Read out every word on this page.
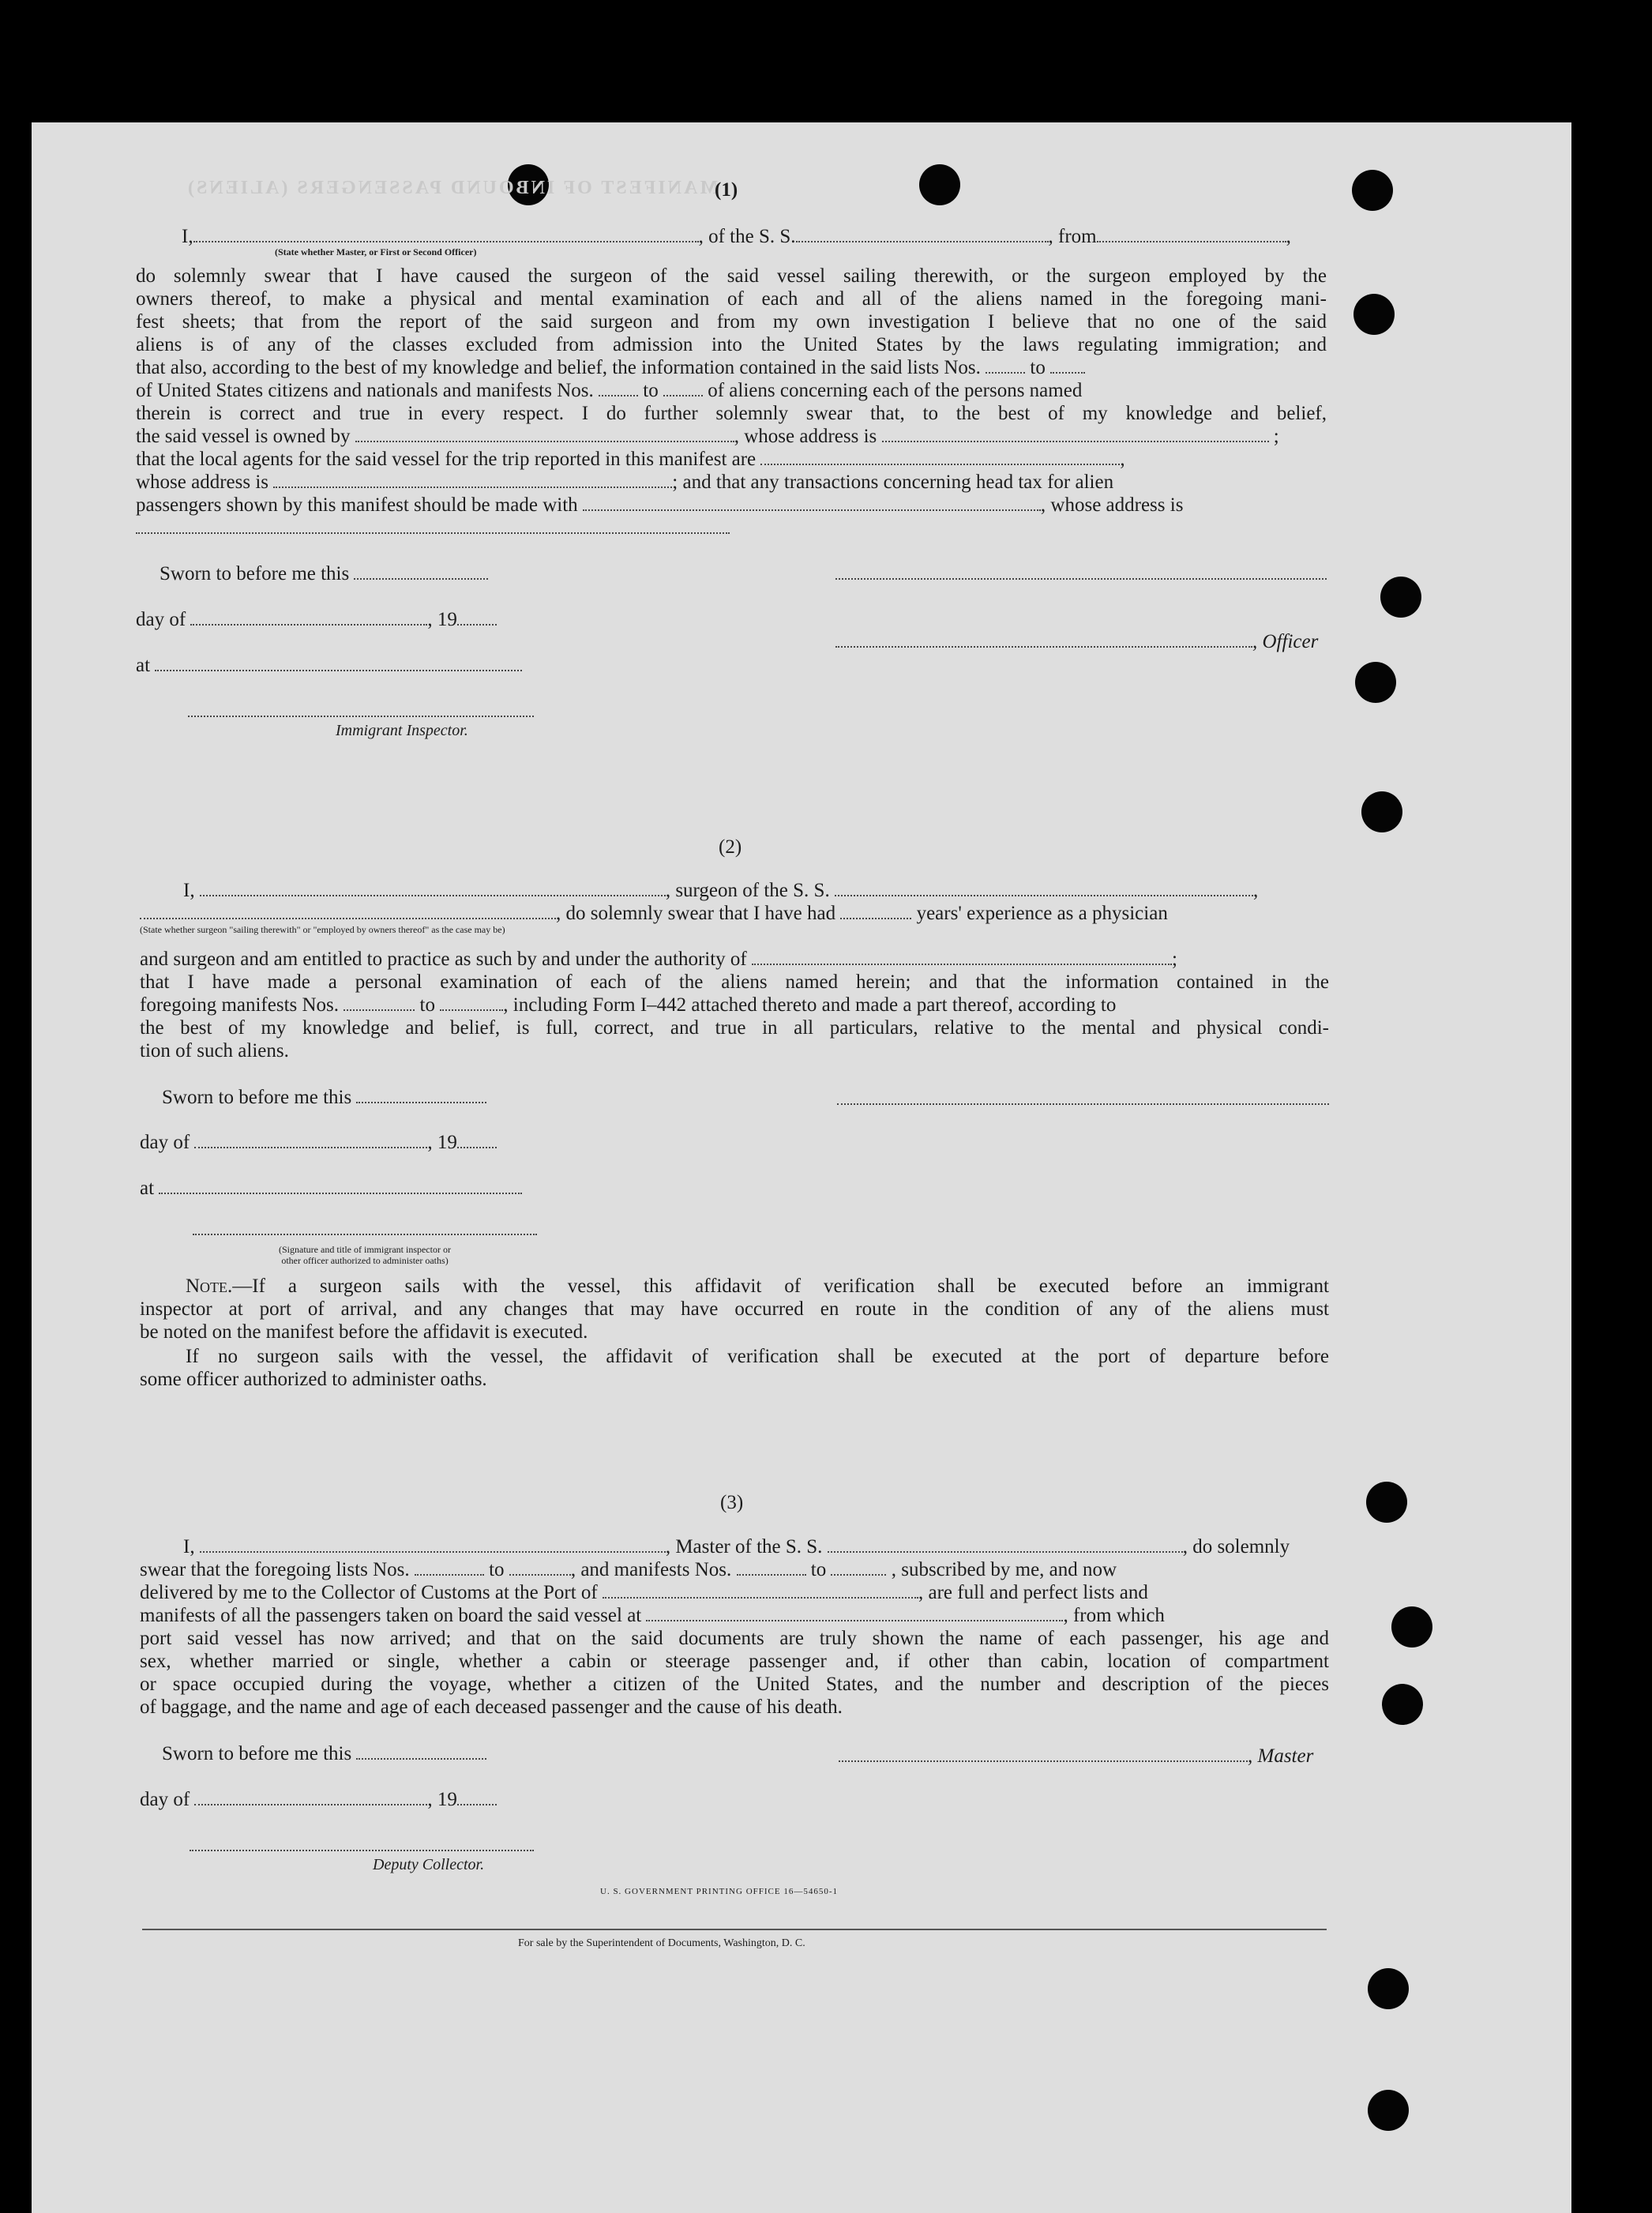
MANIFEST OF INBOUND PASSENGERS (ALIENS)
(1)
I,	, of the S. S.	, from	,
(State whether Master, or First or Second Officer)
do solemnly swear that I have caused the surgeon of the said vessel sailing therewith, or the surgeon employed by the
owners thereof, to make a physical and mental examination of each and all of the aliens named in the foregoing mani-
fest sheets; that from the report of the said surgeon and from my own investigation I believe that no one of the said
aliens is of any of the classes excluded from admission into the United States by the laws regulating immigration; and
that also, according to the best of my knowledge and belief, the information contained in the said lists Nos.	to
of United States citizens and nationals and manifests Nos.	to	of aliens concerning each of the persons named
therein is correct and true in every respect. I do further solemnly swear that, to the best of my knowledge and belief,
the said vessel is owned by	, whose address is	;
that the local agents for the said vessel for the trip reported in this manifest are	,
whose address is	; and that any transactions concerning head tax for alien
passengers shown by this manifest should be made with	, whose address is
Sworn to before me this
day of	, 19
, Officer
at
Immigrant Inspector.
(2)
I,	, surgeon of the S. S.	,
, do solemnly swear that I have had	years' experience as a physician
(State whether surgeon "sailing therewith" or "employed by owners thereof" as the case may be)
and surgeon and am entitled to practice as such by and under the authority of	;
that I have made a personal examination of each of the aliens named herein; and that the information contained in the
foregoing manifests Nos.	to	, including Form I–442 attached thereto and made a part thereof, according to
the best of my knowledge and belief, is full, correct, and true in all particulars, relative to the mental and physical condi-
tion of such aliens.
Sworn to before me this
day of	, 19
at
(Signature and title of immigrant inspector or
other officer authorized to administer oaths)
Note.—If a surgeon sails with the vessel, this affidavit of verification shall be executed before an immigrant
inspector at port of arrival, and any changes that may have occurred en route in the condition of any of the aliens must
be noted on the manifest before the affidavit is executed.
If no surgeon sails with the vessel, the affidavit of verification shall be executed at the port of departure before
some officer authorized to administer oaths.
(3)
I,	, Master of the S. S.	, do solemnly
swear that the foregoing lists Nos.	to	, and manifests Nos.	to	, subscribed by me, and now
delivered by me to the Collector of Customs at the Port of	, are full and perfect lists and
manifests of all the passengers taken on board the said vessel at	, from which
port said vessel has now arrived; and that on the said documents are truly shown the name of each passenger, his age and
sex, whether married or single, whether a cabin or steerage passenger and, if other than cabin, location of compartment
or space occupied during the voyage, whether a citizen of the United States, and the number and description of the pieces
of baggage, and the name and age of each deceased passenger and the cause of his death.
Sworn to before me this	, Master
day of	, 19
Deputy Collector.
U. S. GOVERNMENT PRINTING OFFICE 16—54650-1
For sale by the Superintendent of Documents, Washington, D. C.
